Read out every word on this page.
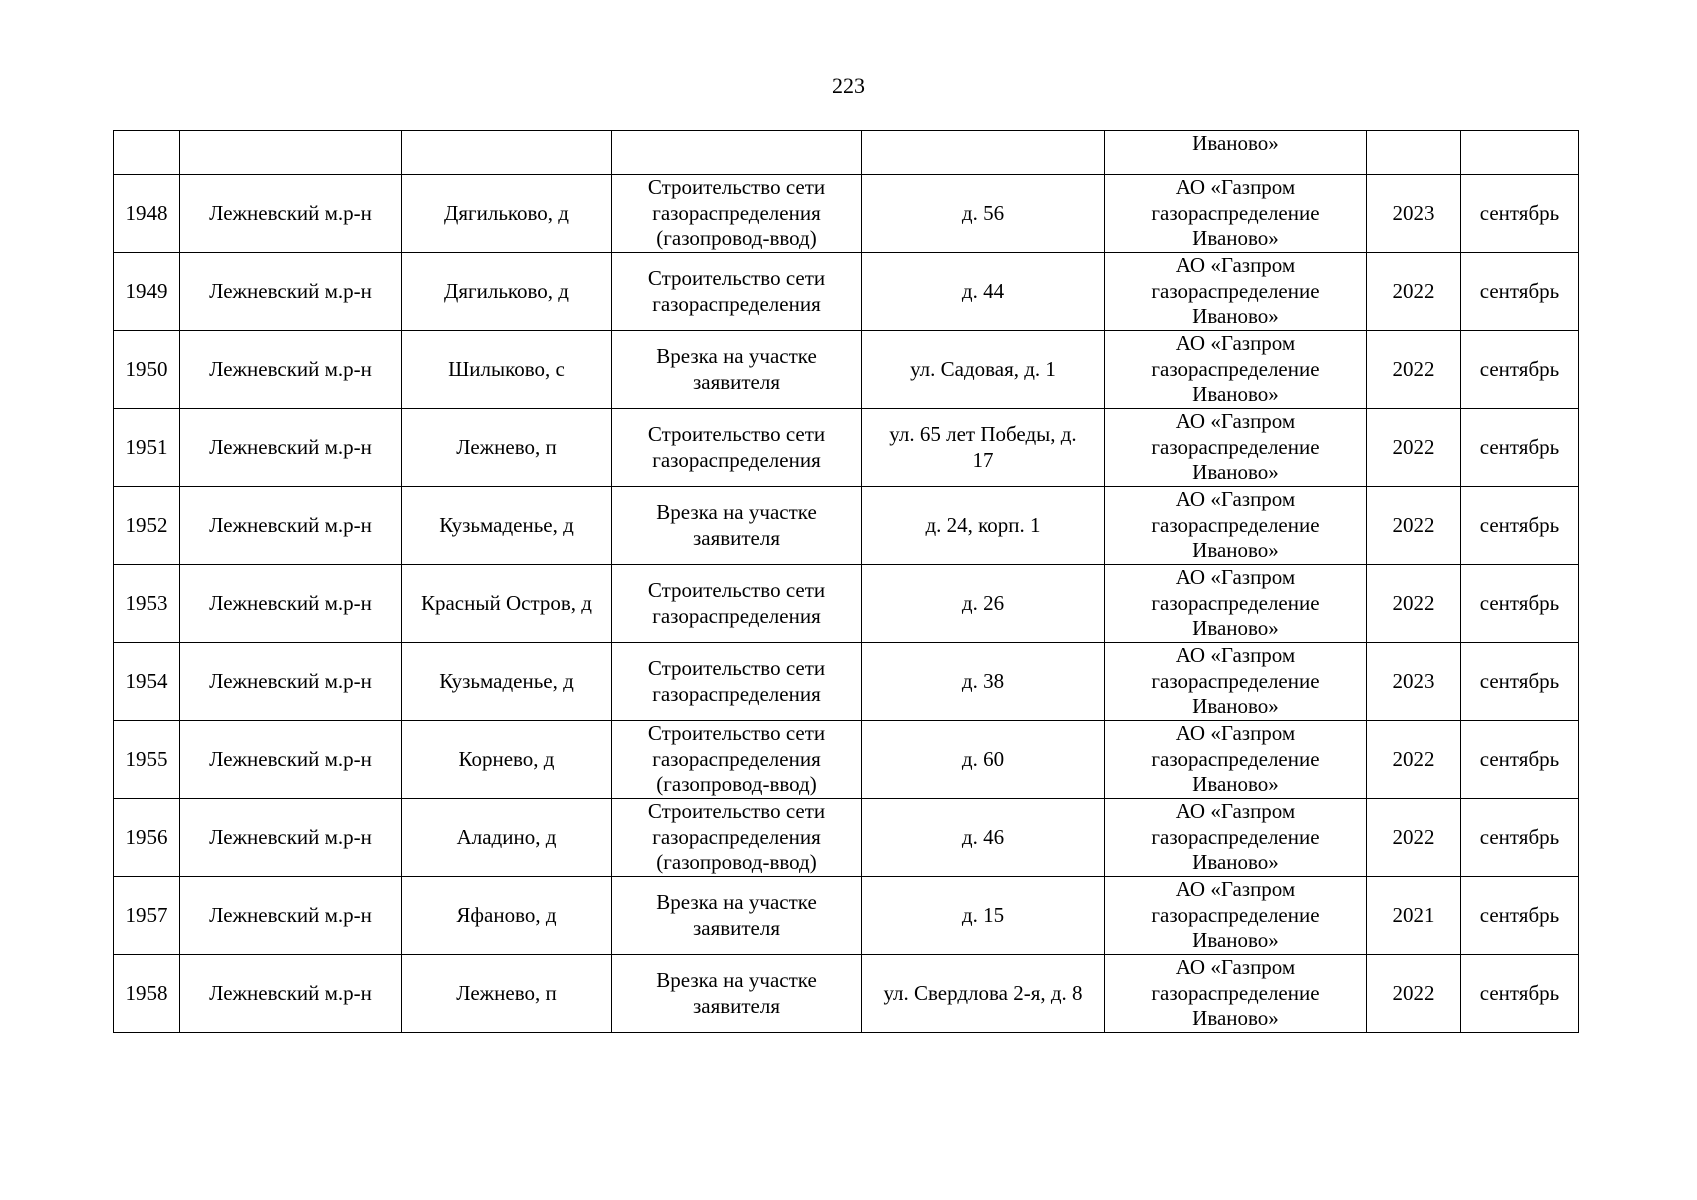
223
					Иваново»		
1948	Лежневский м.р-н	Дягильково, д	Строительство сети
газораспределения
(газопровод-ввод)	д. 56	АО «Газпром
газораспределение
Иваново»	2023	сентябрь
1949	Лежневский м.р-н	Дягильково, д	Строительство сети
газораспределения	д. 44	АО «Газпром
газораспределение
Иваново»	2022	сентябрь
1950	Лежневский м.р-н	Шилыково, с	Врезка на участке
заявителя	ул. Садовая, д. 1	АО «Газпром
газораспределение
Иваново»	2022	сентябрь
1951	Лежневский м.р-н	Лежнево, п	Строительство сети
газораспределения	ул. 65 лет Победы, д.
17	АО «Газпром
газораспределение
Иваново»	2022	сентябрь
1952	Лежневский м.р-н	Кузьмаденье, д	Врезка на участке
заявителя	д. 24, корп. 1	АО «Газпром
газораспределение
Иваново»	2022	сентябрь
1953	Лежневский м.р-н	Красный Остров, д	Строительство сети
газораспределения	д. 26	АО «Газпром
газораспределение
Иваново»	2022	сентябрь
1954	Лежневский м.р-н	Кузьмаденье, д	Строительство сети
газораспределения	д. 38	АО «Газпром
газораспределение
Иваново»	2023	сентябрь
1955	Лежневский м.р-н	Корнево, д	Строительство сети
газораспределения
(газопровод-ввод)	д. 60	АО «Газпром
газораспределение
Иваново»	2022	сентябрь
1956	Лежневский м.р-н	Аладино, д	Строительство сети
газораспределения
(газопровод-ввод)	д. 46	АО «Газпром
газораспределение
Иваново»	2022	сентябрь
1957	Лежневский м.р-н	Яфаново, д	Врезка на участке
заявителя	д. 15	АО «Газпром
газораспределение
Иваново»	2021	сентябрь
1958	Лежневский м.р-н	Лежнево, п	Врезка на участке
заявителя	ул. Свердлова 2-я, д. 8	АО «Газпром
газораспределение
Иваново»	2022	сентябрь
